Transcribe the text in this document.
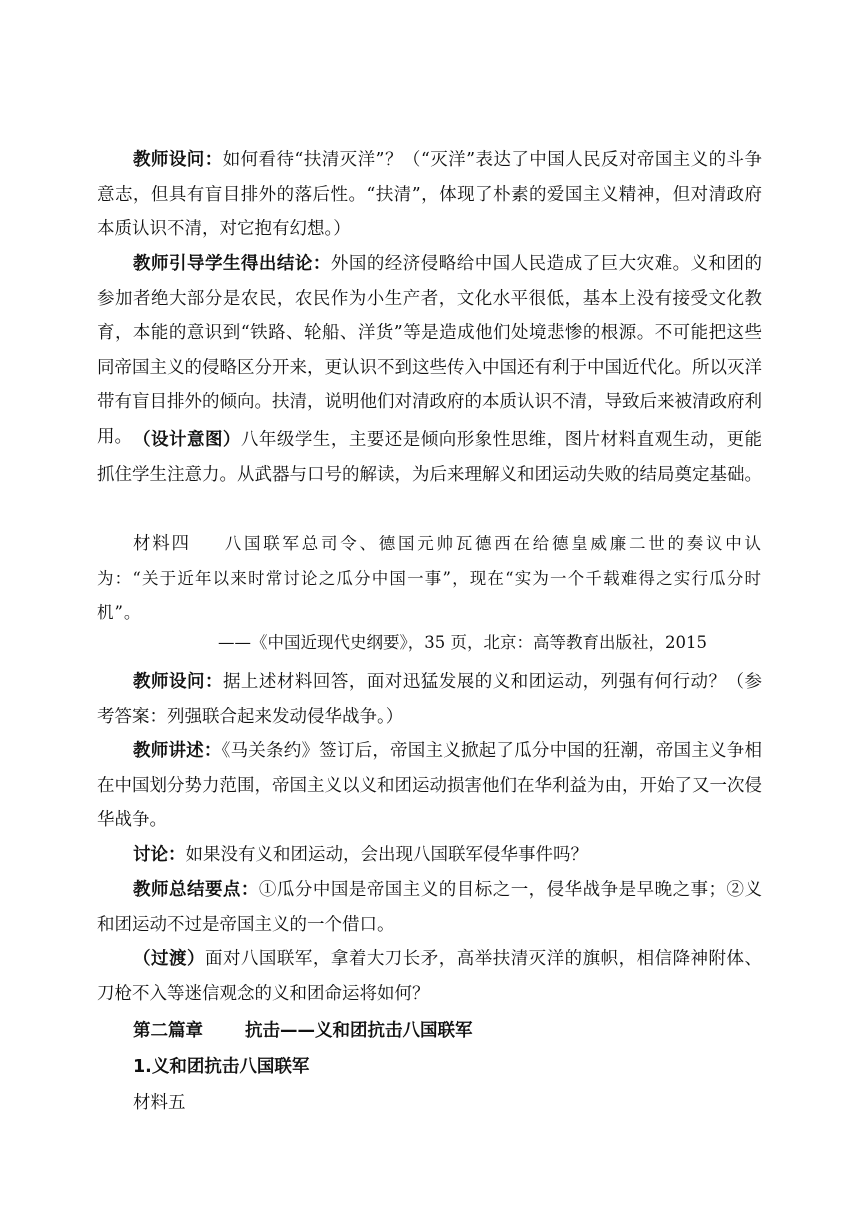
教师设问：如何看待“扶清灭洋”？（“灭洋”表达了中国人民反对帝国主义的斗争意志，但具有盲目排外的落后性。“扶清”，体现了朴素的爱国主义精神，但对清政府本质认识不清，对它抱有幻想。）

教师引导学生得出结论：外国的经济侵略给中国人民造成了巨大灾难。义和团的参加者绝大部分是农民，农民作为小生产者，文化水平很低，基本上没有接受文化教育，本能的意识到“铁路、轮船、洋货”等是造成他们处境悲惨的根源。不可能把这些同帝国主义的侵略区分开来，更认识不到这些传入中国还有利于中国近代化。所以灭洋带有盲目排外的倾向。扶清，说明他们对清政府的本质认识不清，导致后来被清政府利用。 （设计意图）八年级学生，主要还是倾向形象性思维，图片材料直观生动，更能抓住学生注意力。从武器与口号的解读，为后来理解义和团运动失败的结局奠定基础。

材料四 八国联军总司令、德国元帅瓦德西在给德皇威廉二世的奏议中认为：“关于近年以来时常讨论之瓜分中国一事”，现在“实为一个千载难得之实行瓜分时机”。

——《中国近现代史纲要》，35 页，北京：高等教育出版社，2015

教师设问：据上述材料回答，面对迅猛发展的义和团运动，列强有何行动？（参考答案：列强联合起来发动侵华战争。）

教师讲述：《马关条约》签订后，帝国主义掀起了瓜分中国的狂潮，帝国主义争相在中国划分势力范围，帝国主义以义和团运动损害他们在华利益为由，开始了又一次侵华战争。

讨论：如果没有义和团运动，会出现八国联军侵华事件吗？

教师总结要点：①瓜分中国是帝国主义的目标之一，侵华战争是早晚之事；②义和团运动不过是帝国主义的一个借口。

（过渡）面对八国联军，拿着大刀长矛，高举扶清灭洋的旗帜，相信降神附体、刀枪不入等迷信观念的义和团命运将如何？

第二篇章 抗击——义和团抗击八国联军

1.义和团抗击八国联军

材料五
